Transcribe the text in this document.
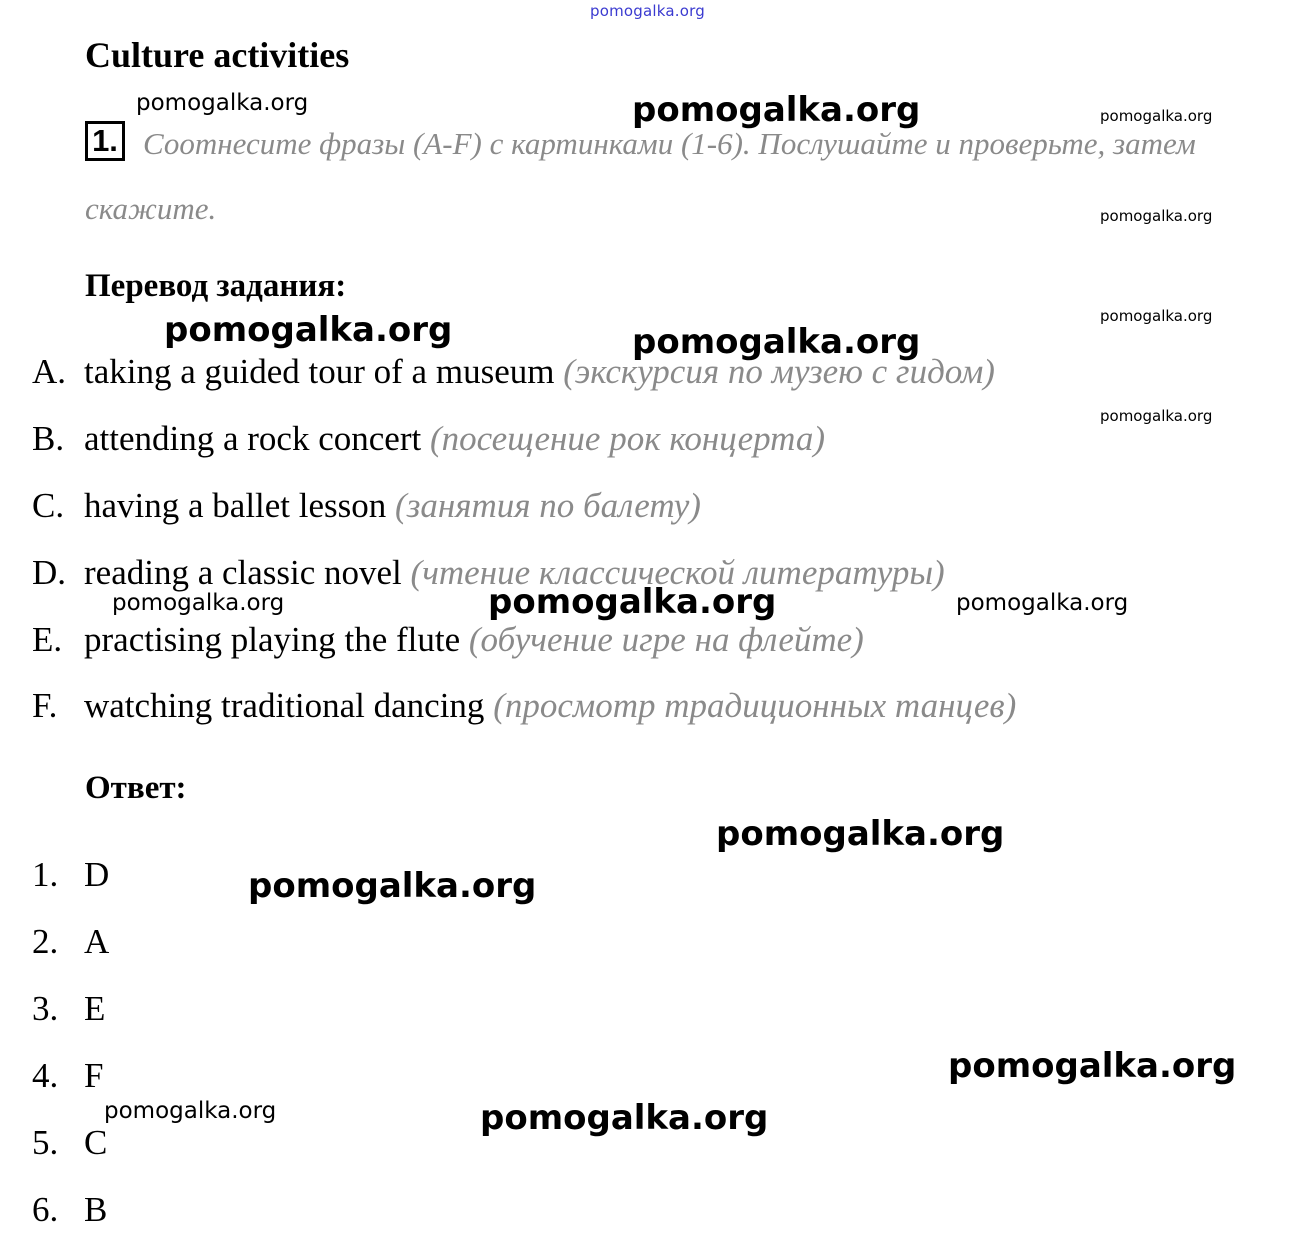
pomogalka.org
Culture activities
1. Соотнесите фразы (A-F) с картинками (1-6). Послушайте и проверьте, затем
скажите.
Перевод задания:
A. taking a guided tour of a museum (экскурсия по музею с гидом)
B. attending a rock concert (посещение рок концерта)
C. having a ballet lesson (занятия по балету)
D. reading a classic novel (чтение классической литературы)
E. practising playing the flute (обучение игре на флейте)
F. watching traditional dancing (просмотр традиционных танцев)
Ответ:
1. D
2. A
3. E
4. F
5. C
6. B
pomogalka.org	pomogalka.org	pomogalka.org
pomogalka.org
pomogalka.org
pomogalka.org	pomogalka.org
pomogalka.org
pomogalka.org	pomogalka.org	pomogalka.org
pomogalka.org
pomogalka.org
pomogalka.org
pomogalka.org	pomogalka.org
